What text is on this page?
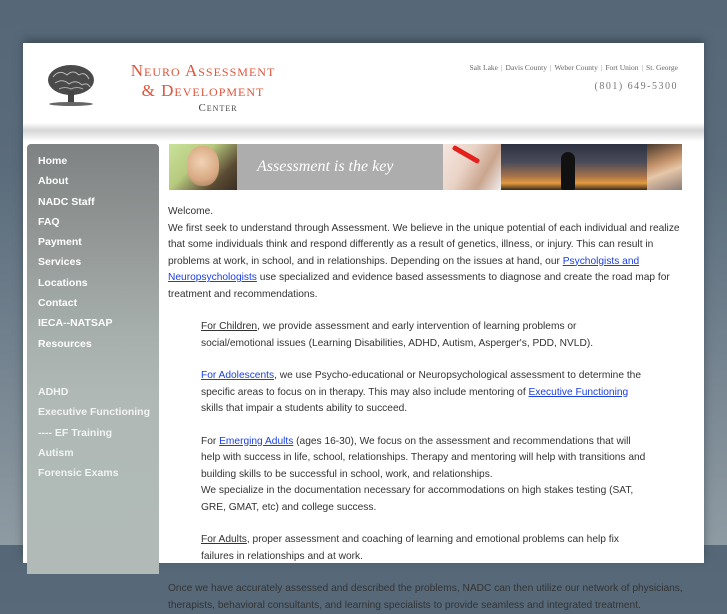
Neuro Assessment
& Development
Center
Salt Lake | Davis County | Weber County | Fort Union | St. George
(801) 649-5300
Home
About
NADC Staff
FAQ
Payment
Services
Locations
Contact
IECA--NATSAP
Resources
ADHD
Executive Functioning
---- EF Training
Autism
Forensic Exams
Assessment is the key

Welcome.

We first seek to understand through Assessment. We believe in the unique potential of each individual and realize that some individuals think and respond differently as a result of genetics, illness, or injury. This can result in problems at work, in school, and in relationships. Depending on the issues at hand, our Psycholgists and Neuropsychologists use specialized and evidence based assessments to diagnose and create the road map for treatment and recommendations.

For Children, we provide assessment and early intervention of learning problems or social/emotional issues (Learning Disabilities, ADHD, Autism, Asperger's, PDD, NVLD).

For Adolescents, we use Psycho-educational or Neuropsychological assessment to determine the specific areas to focus on in therapy. This may also include mentoring of Executive Functioning skills that impair a students ability to succeed.

For Emerging Adults (ages 16-30), We focus on the assessment and recommendations that will help with success in life, school, relationships. Therapy and mentoring will help with transitions and building skills to be successful in school, work, and relationships.

We specialize in the documentation necessary for accommodations on high stakes testing (SAT, GRE, GMAT, etc) and college success.

For Adults, proper assessment and coaching of learning and emotional problems can help fix failures in relationships and at work.

Once we have accurately assessed and described the problems, NADC can then utilize our network of physicians, therapists, behavioral consultants, and learning specialists to provide seamless and integrated treatment.
